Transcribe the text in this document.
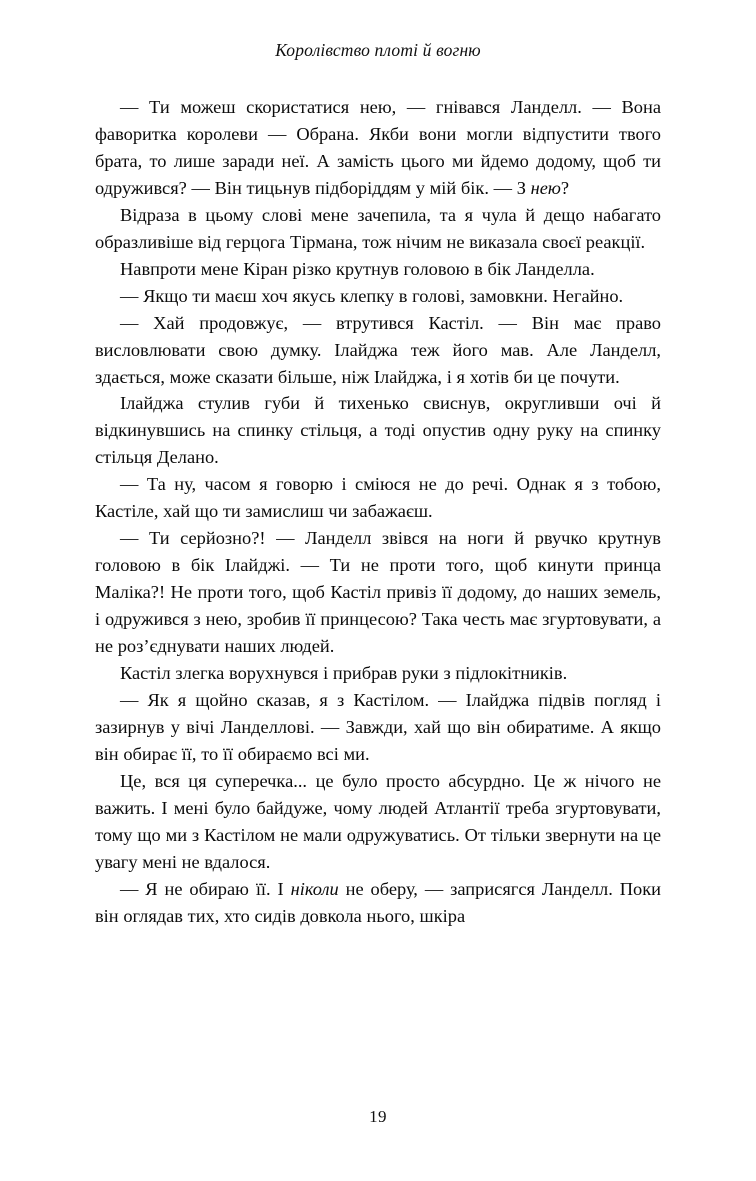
Королівство плоті й вогню

— Ти можеш скористатися нею, — гнівався Ланделл. — Вона фаворитка королеви — Обрана. Якби вони могли відпустити твого брата, то лише заради неї. А замість цього ми йдемо додому, щоб ти одружився? — Він тицьнув підборіддям у мій бік. — З нею?

Відраза в цьому слові мене зачепила, та я чула й дещо набагато образливіше від герцога Тірмана, тож нічим не виказала своєї реакції.

Навпроти мене Кіран різко крутнув головою в бік Ланделла.

— Якщо ти маєш хоч якусь клепку в голові, замовкни. Негайно.

— Хай продовжує, — втрутився Кастіл. — Він має право висловлювати свою думку. Ілайджа теж його мав. Але Ланделл, здається, може сказати більше, ніж Ілайджа, і я хотів би це почути.

Ілайджа стулив губи й тихенько свиснув, округливши очі й відкинувшись на спинку стільця, а тоді опустив одну руку на спинку стільця Делано.

— Та ну, часом я говорю і сміюся не до речі. Однак я з тобою, Кастіле, хай що ти замислиш чи забажаєш.

— Ти серйозно?! — Ланделл звівся на ноги й рвучко крутнув головою в бік Ілайджі. — Ти не проти того, щоб кинути принца Маліка?! Не проти того, щоб Кастіл привіз її додому, до наших земель, і одружився з нею, зробив її принцесою? Така честь має згуртовувати, а не роз’єднувати наших людей.

Кастіл злегка ворухнувся і прибрав руки з підлокітників.

— Як я щойно сказав, я з Кастілом. — Ілайджа підвів погляд і зазирнув у вічі Ланделлові. — Завжди, хай що він обиратиме. А якщо він обирає її, то її обираємо всі ми.

Це, вся ця суперечка... це було просто абсурдно. Це ж нічого не важить. І мені було байдуже, чому людей Атлантії треба згуртовувати, тому що ми з Кастілом не мали одружуватись. От тільки звернути на це увагу мені не вдалося.

— Я не обираю її. І ніколи не оберу, — заприсягся Ланделл. Поки він оглядав тих, хто сидів довкола нього, шкіра

19
